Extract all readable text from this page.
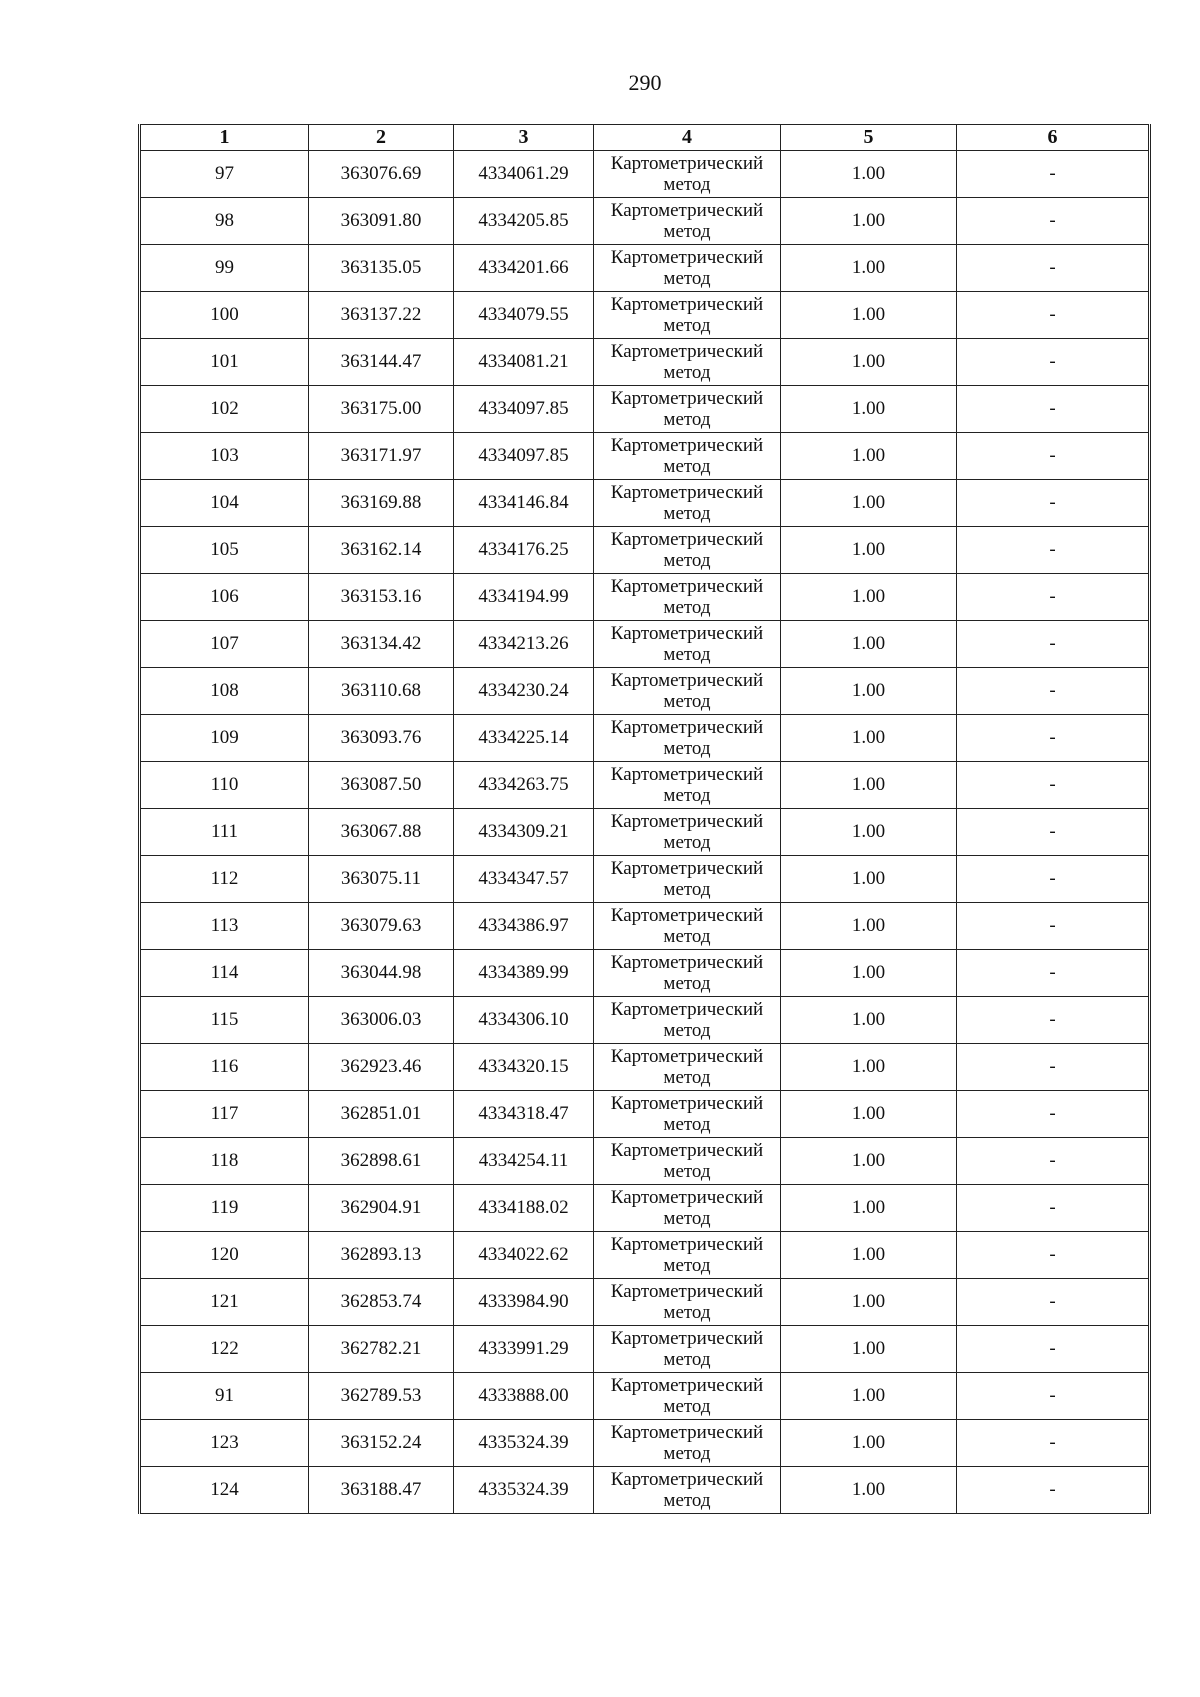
290
1	2	3	4	5	6
97	363076.69	4334061.29	Картометрический метод	1.00	-
98	363091.80	4334205.85	Картометрический метод	1.00	-
99	363135.05	4334201.66	Картометрический метод	1.00	-
100	363137.22	4334079.55	Картометрический метод	1.00	-
101	363144.47	4334081.21	Картометрический метод	1.00	-
102	363175.00	4334097.85	Картометрический метод	1.00	-
103	363171.97	4334097.85	Картометрический метод	1.00	-
104	363169.88	4334146.84	Картометрический метод	1.00	-
105	363162.14	4334176.25	Картометрический метод	1.00	-
106	363153.16	4334194.99	Картометрический метод	1.00	-
107	363134.42	4334213.26	Картометрический метод	1.00	-
108	363110.68	4334230.24	Картометрический метод	1.00	-
109	363093.76	4334225.14	Картометрический метод	1.00	-
110	363087.50	4334263.75	Картометрический метод	1.00	-
111	363067.88	4334309.21	Картометрический метод	1.00	-
112	363075.11	4334347.57	Картометрический метод	1.00	-
113	363079.63	4334386.97	Картометрический метод	1.00	-
114	363044.98	4334389.99	Картометрический метод	1.00	-
115	363006.03	4334306.10	Картометрический метод	1.00	-
116	362923.46	4334320.15	Картометрический метод	1.00	-
117	362851.01	4334318.47	Картометрический метод	1.00	-
118	362898.61	4334254.11	Картометрический метод	1.00	-
119	362904.91	4334188.02	Картометрический метод	1.00	-
120	362893.13	4334022.62	Картометрический метод	1.00	-
121	362853.74	4333984.90	Картометрический метод	1.00	-
122	362782.21	4333991.29	Картометрический метод	1.00	-
91	362789.53	4333888.00	Картометрический метод	1.00	-
123	363152.24	4335324.39	Картометрический метод	1.00	-
124	363188.47	4335324.39	Картометрический метод	1.00	-
